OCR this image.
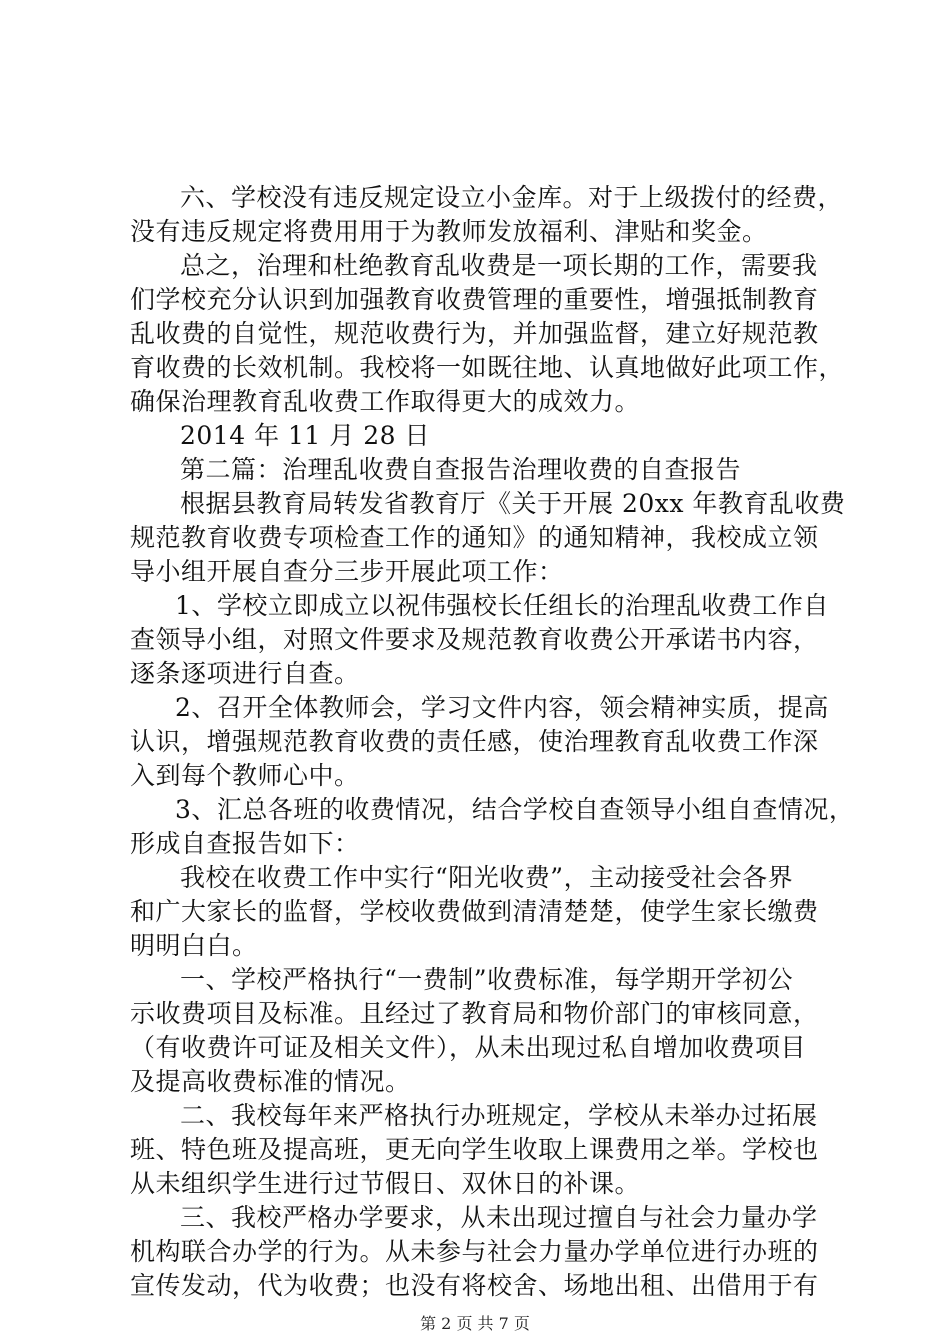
六、学校没有违反规定设立小金库。对于上级拨付的经费，
没有违反规定将费用用于为教师发放福利、津贴和奖金。
总之，治理和杜绝教育乱收费是一项长期的工作，需要我
们学校充分认识到加强教育收费管理的重要性，增强抵制教育
乱收费的自觉性，规范收费行为，并加强监督，建立好规范教
育收费的长效机制。我校将一如既往地、认真地做好此项工作，
确保治理教育乱收费工作取得更大的成效力。
2014 年 11 月 28 日
第二篇：治理乱收费自查报告治理收费的自查报告
根据县教育局转发省教育厅《关于开展 20xx 年教育乱收费
规范教育收费专项检查工作的通知》的通知精神，我校成立领
导小组开展自查分三步开展此项工作：
1、学校立即成立以祝伟强校长任组长的治理乱收费工作自
查领导小组，对照文件要求及规范教育收费公开承诺书内容，
逐条逐项进行自查。
2、召开全体教师会，学习文件内容，领会精神实质，提高
认识，增强规范教育收费的责任感，使治理教育乱收费工作深
入到每个教师心中。
3、汇总各班的收费情况，结合学校自查领导小组自查情况，
形成自查报告如下：
我校在收费工作中实行“阳光收费”，主动接受社会各界
和广大家长的监督，学校收费做到清清楚楚，使学生家长缴费
明明白白。
一、学校严格执行“一费制”收费标准，每学期开学初公
示收费项目及标准。且经过了教育局和物价部门的审核同意，
（有收费许可证及相关文件），从未出现过私自增加收费项目
及提高收费标准的情况。
二、我校每年来严格执行办班规定，学校从未举办过拓展
班、特色班及提高班，更无向学生收取上课费用之举。学校也
从未组织学生进行过节假日、双休日的补课。
三、我校严格办学要求，从未出现过擅自与社会力量办学
机构联合办学的行为。从未参与社会力量办学单位进行办班的
宣传发动，代为收费；也没有将校舍、场地出租、出借用于有
第 2 页 共 7 页
